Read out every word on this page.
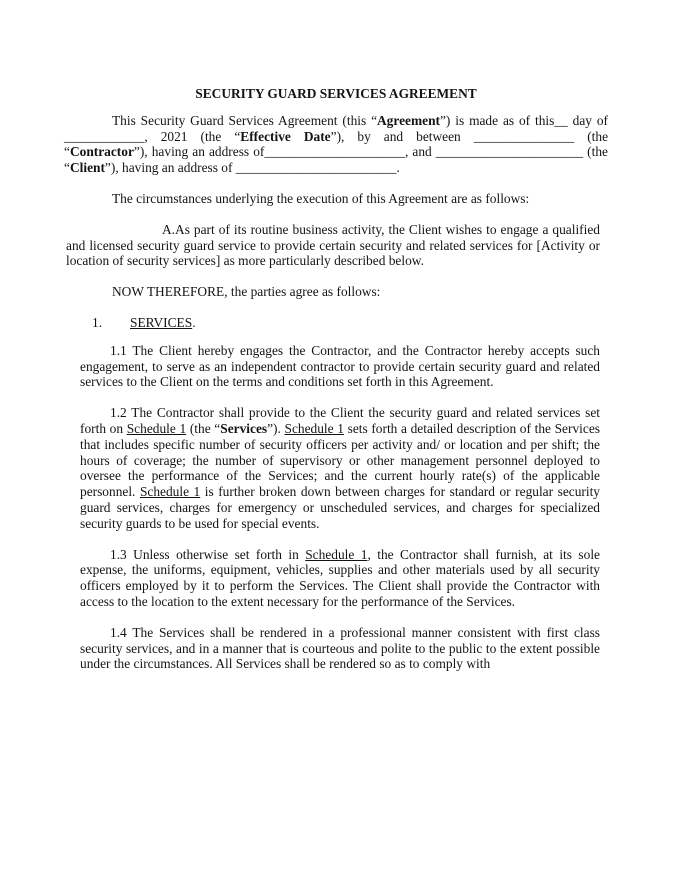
SECURITY GUARD SERVICES AGREEMENT

This Security Guard Services Agreement (this “Agreement”) is made as of this__ day of ____________, 2021 (the “Effective Date”), by and between _______________ (the “Contractor”), having an address of_____________________, and ______________________ (the “Client”), having an address of ________________________.

The circumstances underlying the execution of this Agreement are as follows:

A.As part of its routine business activity, the Client wishes to engage a qualified and licensed security guard service to provide certain security and related services for [Activity or location of security services] as more particularly described below.

NOW THEREFORE, the parties agree as follows:

1. SERVICES.

1.1 The Client hereby engages the Contractor, and the Contractor hereby accepts such engagement, to serve as an independent contractor to provide certain security guard and related services to the Client on the terms and conditions set forth in this Agreement.

1.2 The Contractor shall provide to the Client the security guard and related services set forth on Schedule 1 (the “Services”). Schedule 1 sets forth a detailed description of the Services that includes specific number of security officers per activity and/ or location and per shift; the hours of coverage; the number of supervisory or other management personnel deployed to oversee the performance of the Services; and the current hourly rate(s) of the applicable personnel. Schedule 1 is further broken down between charges for standard or regular security guard services, charges for emergency or unscheduled services, and charges for specialized security guards to be used for special events.

1.3 Unless otherwise set forth in Schedule 1, the Contractor shall furnish, at its sole expense, the uniforms, equipment, vehicles, supplies and other materials used by all security officers employed by it to perform the Services. The Client shall provide the Contractor with access to the location to the extent necessary for the performance of the Services.

1.4 The Services shall be rendered in a professional manner consistent with first class security services, and in a manner that is courteous and polite to the public to the extent possible under the circumstances. All Services shall be rendered so as to comply with
